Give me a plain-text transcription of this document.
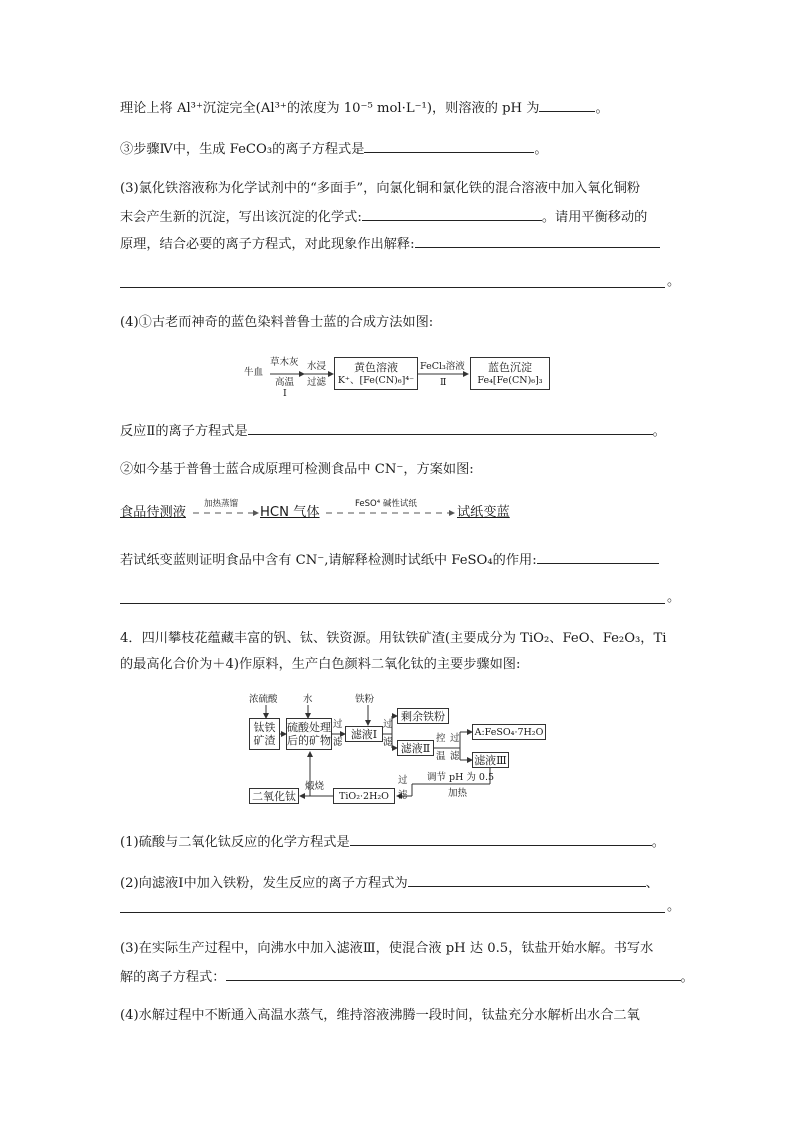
理论上将 Al³⁺沉淀完全(Al³⁺的浓度为 10⁻⁵ mol·L⁻¹)，则溶液的 pH 为	。
③步骤Ⅳ中，生成 FeCO₃的离子方程式是	。
(3)氯化铁溶液称为化学试剂中的“多面手”，向氯化铜和氯化铁的混合溶液中加入氧化铜粉
末会产生新的沉淀，写出该沉淀的化学式:	。请用平衡移动的
原理，结合必要的离子方程式，对此现象作出解释:
。
(4)①古老而神奇的蓝色染料普鲁士蓝的合成方法如图:
牛血
草木灰
高温
Ⅰ
水浸
过滤
黄色溶液
K⁺、[Fe(CN)₆]⁴⁻
FeCl₃溶液
Ⅱ
蓝色沉淀
Fe₄[Fe(CN)₆]₃
反应Ⅱ的离子方程式是	。
②如今基于普鲁士蓝合成原理可检测食品中 CN⁻，方案如图:
食品待测液
加热蒸馏
HCN 气体
FeSO⁴ 碱性试纸
试纸变蓝
若试纸变蓝则证明食品中含有 CN⁻,请解释检测时试纸中 FeSO₄的作用:
。
4．四川攀枝花蕴藏丰富的钒、钛、铁资源。用钛铁矿渣(主要成分为 TiO₂、FeO、Fe₂O₃，Ti
的最高化合价为＋4)作原料，生产白色颜料二氧化钛的主要步骤如图:
浓硫酸	水	铁粉
钛铁
矿渣
硫酸处理
后的矿物
过
滤
滤液Ⅰ
过
滤
剩余铁粉
滤液Ⅱ
控
温
过
滤
A:FeSO₄·7H₂O
滤液Ⅲ
调节 pH 为 0.5
加热
过
滤
TiO₂·2H₂O
煅烧
二氧化钛
(1)硫酸与二氧化钛反应的化学方程式是	。
(2)向滤液Ⅰ中加入铁粉，发生反应的离子方程式为	、
。
(3)在实际生产过程中，向沸水中加入滤液Ⅲ，使混合液 pH 达 0.5，钛盐开始水解。书写水
解的离子方程式：	。
(4)水解过程中不断通入高温水蒸气，维持溶液沸腾一段时间，钛盐充分水解析出水合二氧
